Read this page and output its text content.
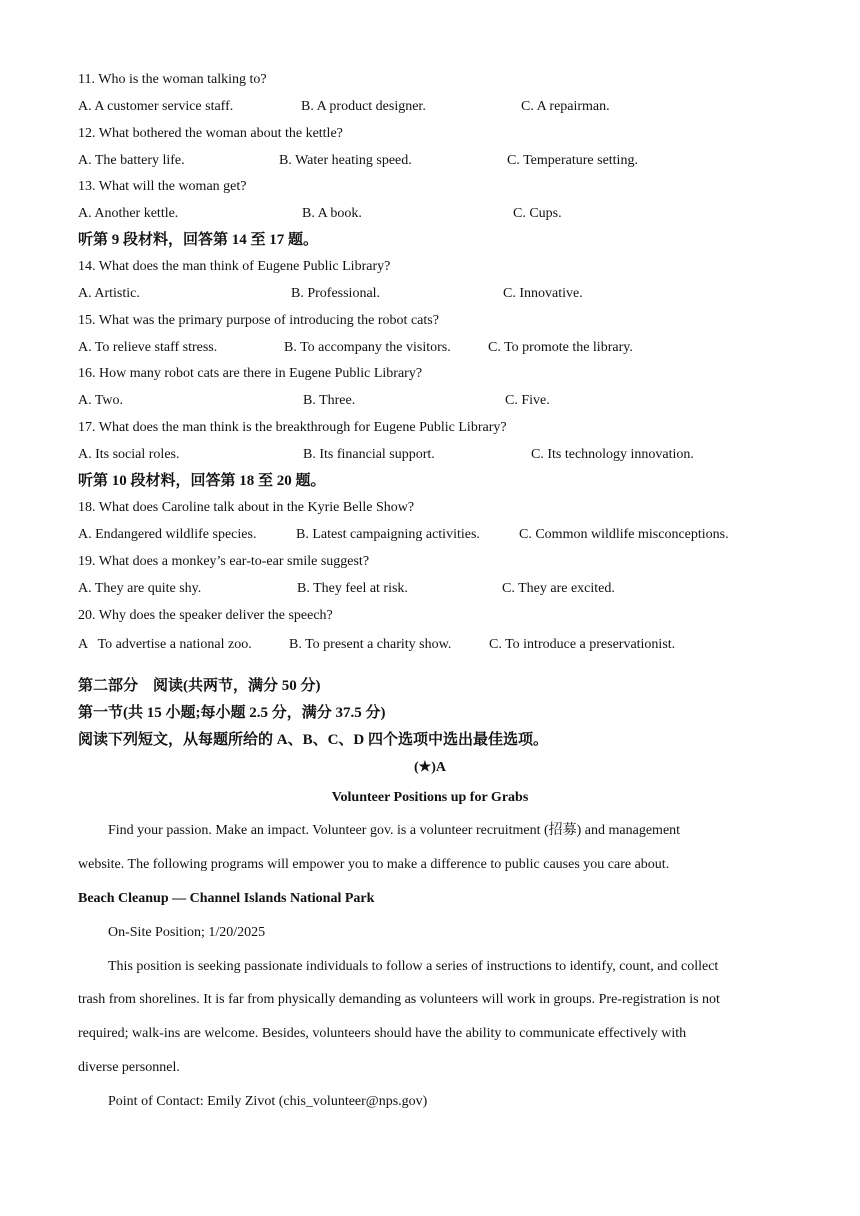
11. Who is the woman talking to?
A. A customer service staff.	B. A product designer.	C. A repairman.
12. What bothered the woman about the kettle?
A. The battery life.	B. Water heating speed.	C. Temperature setting.
13. What will the woman get?
A. Another kettle.	B. A book.	C. Cups.
听第 9 段材料，回答第 14 至 17 题。
14. What does the man think of Eugene Public Library?
A. Artistic.	B. Professional.	C. Innovative.
15. What was the primary purpose of introducing the robot cats?
A. To relieve staff stress.	B. To accompany the visitors.	C. To promote the library.
16. How many robot cats are there in Eugene Public Library?
A. Two.	B. Three.	C. Five.
17. What does the man think is the breakthrough for Eugene Public Library?
A. Its social roles.	B. Its financial support.	C. Its technology innovation.
听第 10 段材料，回答第 18 至 20 题。
18. What does Caroline talk about in the Kyrie Belle Show?
A. Endangered wildlife species.	B. Latest campaigning activities.	C. Common wildlife misconceptions.
19. What does a monkey’s ear-to-ear smile suggest?
A. They are quite shy.	B. They feel at risk.	C. They are excited.
20. Why does the speaker deliver the speech?
A   To advertise a national zoo.	B. To present a charity show.	C. To introduce a preservationist.
第二部分　阅读(共两节，满分 50 分)
第一节(共 15 小题;每小题 2.5 分，满分 37.5 分)
阅读下列短文，从每题所给的 A、B、C、D 四个选项中选出最佳选项。
(★)A
Volunteer Positions up for Grabs
Find your passion. Make an impact. Volunteer gov. is a volunteer recruitment (招募) and management
website. The following programs will empower you to make a difference to public causes you care about.
Beach Cleanup — Channel Islands National Park
On-Site Position; 1/20/2025
This position is seeking passionate individuals to follow a series of instructions to identify, count, and collect
trash from shorelines. It is far from physically demanding as volunteers will work in groups. Pre-registration is not
required; walk-ins are welcome. Besides, volunteers should have the ability to communicate effectively with
diverse personnel.
Point of Contact: Emily Zivot (chis_volunteer@nps.gov)
